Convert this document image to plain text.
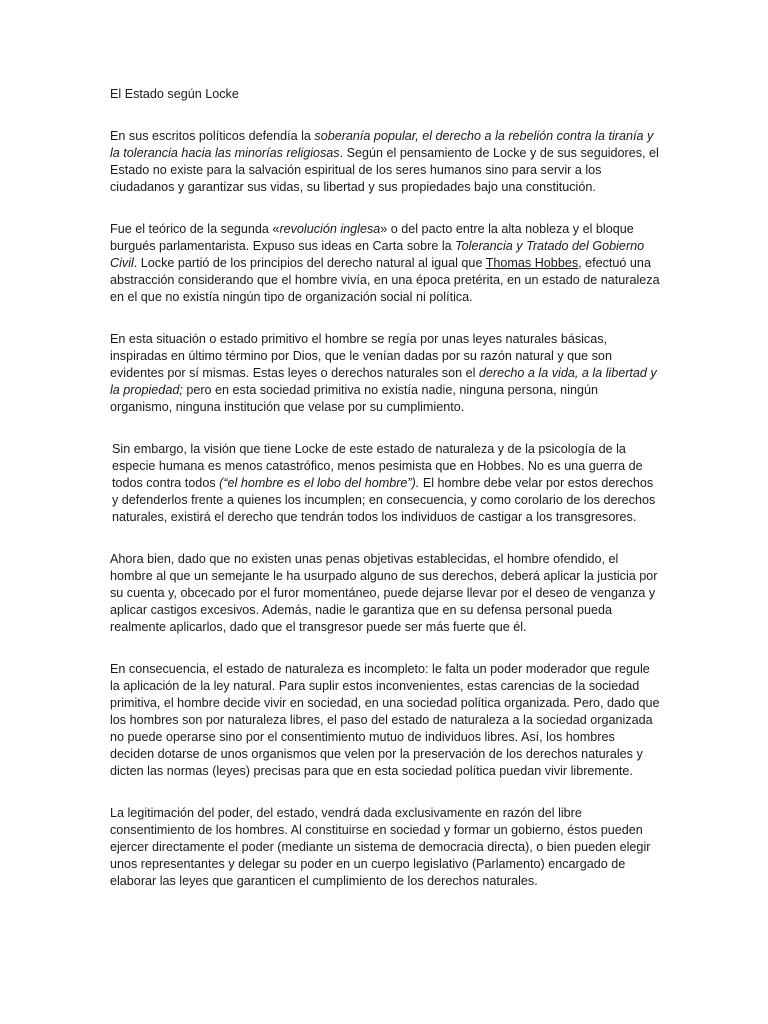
El Estado según Locke

En sus escritos políticos defendía la soberanía popular, el derecho a la rebelión contra la tiranía y la tolerancia hacia las minorías religiosas. Según el pensamiento de Locke y de sus seguidores, el Estado no existe para la salvación espiritual de los seres humanos sino para servir a los ciudadanos y garantizar sus vidas, su libertad y sus propiedades bajo una constitución.

Fue el teórico de la segunda «revolución inglesa» o del pacto entre la alta nobleza y el bloque burgués parlamentarista. Expuso sus ideas en Carta sobre la Tolerancia y Tratado del Gobierno Civil. Locke partió de los principios del derecho natural al igual que Thomas Hobbes, efectuó una abstracción considerando que el hombre vivía, en una época pretérita, en un estado de naturaleza en el que no existía ningún tipo de organización social ni política.

En esta situación o estado primitivo el hombre se regía por unas leyes naturales básicas, inspiradas en último término por Dios, que le venían dadas por su razón natural y que son evidentes por sí mismas. Estas leyes o derechos naturales son el derecho a la vida, a la libertad y la propiedad; pero en esta sociedad primitiva no existía nadie, ninguna persona, ningún organismo, ninguna institución que velase por su cumplimiento.

Sin embargo, la visión que tiene Locke de este estado de naturaleza y de la psicología de la especie humana es menos catastrófico, menos pesimista que en Hobbes. No es una guerra de todos contra todos (“el hombre es el lobo del hombre”). El hombre debe velar por estos derechos y defenderlos frente a quienes los incumplen; en consecuencia, y como corolario de los derechos naturales, existirá el derecho que tendrán todos los individuos de castigar a los transgresores.

Ahora bien, dado que no existen unas penas objetivas establecidas, el hombre ofendido, el hombre al que un semejante le ha usurpado alguno de sus derechos, deberá aplicar la justicia por su cuenta y, obcecado por el furor momentáneo, puede dejarse llevar por el deseo de venganza y aplicar castigos excesivos. Además, nadie le garantiza que en su defensa personal pueda realmente aplicarlos, dado que el transgresor puede ser más fuerte que él.

En consecuencia, el estado de naturaleza es incompleto: le falta un poder moderador que regule la aplicación de la ley natural. Para suplir estos inconvenientes, estas carencias de la sociedad primitiva, el hombre decide vivir en sociedad, en una sociedad política organizada. Pero, dado que los hombres son por naturaleza libres, el paso del estado de naturaleza a la sociedad organizada no puede operarse sino por el consentimiento mutuo de individuos libres. Así, los hombres deciden dotarse de unos organismos que velen por la preservación de los derechos naturales y dicten las normas (leyes) precisas para que en esta sociedad política puedan vivir libremente.

La legitimación del poder, del estado, vendrá dada exclusivamente en razón del libre consentimiento de los hombres. Al constituirse en sociedad y formar un gobierno, éstos pueden ejercer directamente el poder (mediante un sistema de democracia directa), o bien pueden elegir unos representantes y delegar su poder en un cuerpo legislativo (Parlamento) encargado de elaborar las leyes que garanticen el cumplimiento de los derechos naturales.
